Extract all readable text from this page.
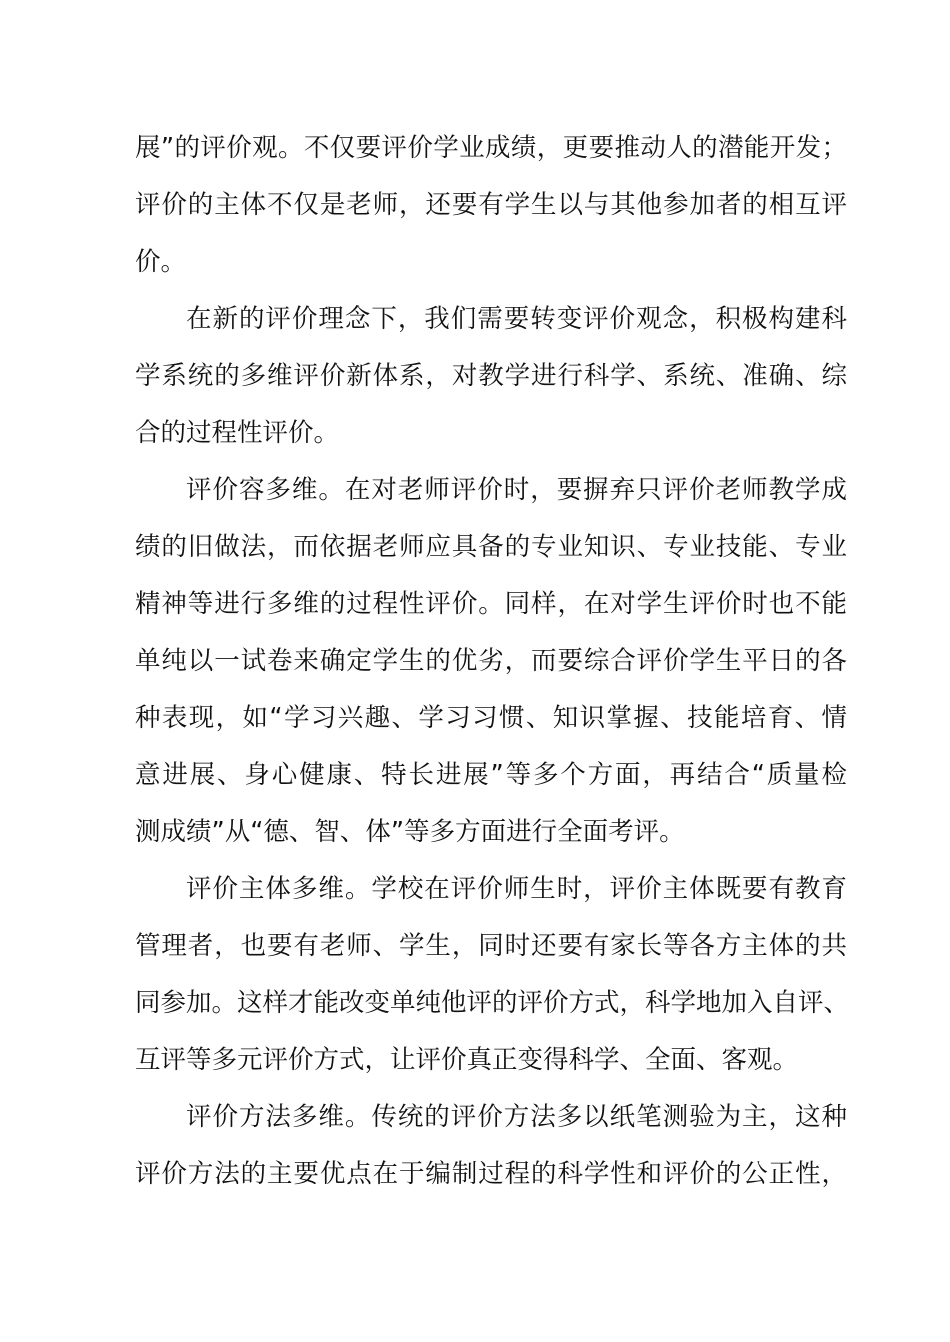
展”的评价观。不仅要评价学业成绩，更要推动人的潜能开发；
评价的主体不仅是老师，还要有学生以与其他参加者的相互评
价。
在新的评价理念下，我们需要转变评价观念，积极构建科
学系统的多维评价新体系，对教学进行科学、系统、准确、综
合的过程性评价。
评价容多维。在对老师评价时，要摒弃只评价老师教学成
绩的旧做法，而依据老师应具备的专业知识、专业技能、专业
精神等进行多维的过程性评价。同样，在对学生评价时也不能
单纯以一试卷来确定学生的优劣，而要综合评价学生平日的各
种表现，如“学习兴趣、学习习惯、知识掌握、技能培育、情
意进展、身心健康、特长进展”等多个方面，再结合“质量检
测成绩”从“德、智、体”等多方面进行全面考评。
评价主体多维。学校在评价师生时，评价主体既要有教育
管理者，也要有老师、学生，同时还要有家长等各方主体的共
同参加。这样才能改变单纯他评的评价方式，科学地加入自评、
互评等多元评价方式，让评价真正变得科学、全面、客观。
评价方法多维。传统的评价方法多以纸笔测验为主，这种
评价方法的主要优点在于编制过程的科学性和评价的公正性，
